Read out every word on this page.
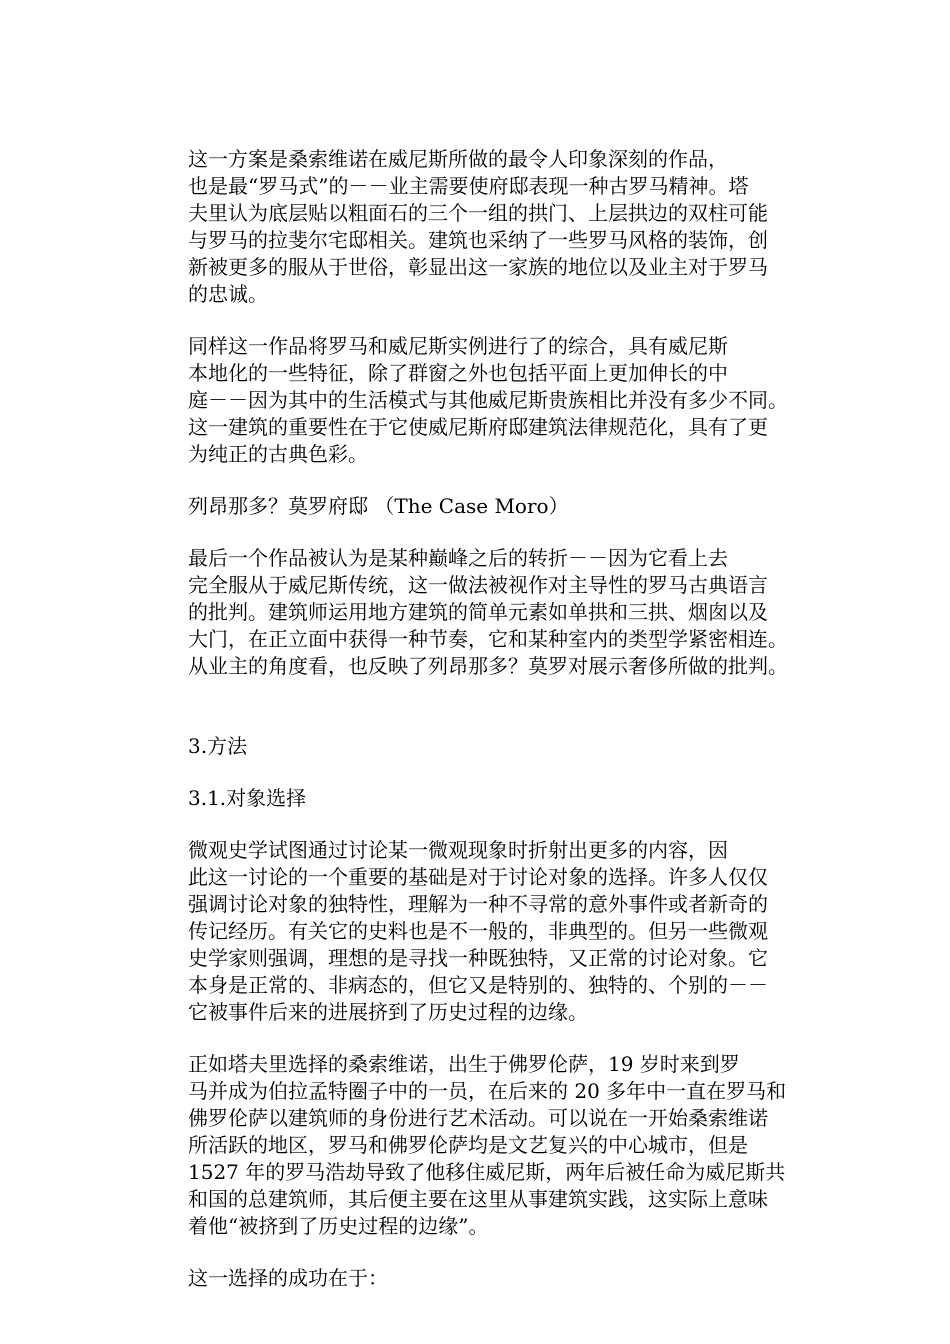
这一方案是桑索维诺在威尼斯所做的最令人印象深刻的作品，
也是最“罗马式”的－－业主需要使府邸表现一种古罗马精神。塔
夫里认为底层贴以粗面石的三个一组的拱门、上层拱边的双柱可能
与罗马的拉斐尔宅邸相关。建筑也采纳了一些罗马风格的装饰，创
新被更多的服从于世俗，彰显出这一家族的地位以及业主对于罗马
的忠诚。

同样这一作品将罗马和威尼斯实例进行了的综合，具有威尼斯
本地化的一些特征，除了群窗之外也包括平面上更加伸长的中
庭－－因为其中的生活模式与其他威尼斯贵族相比并没有多少不同。
这一建筑的重要性在于它使威尼斯府邸建筑法律规范化，具有了更
为纯正的古典色彩。

列昂那多？莫罗府邸 （The Case Moro）

最后一个作品被认为是某种巅峰之后的转折－－因为它看上去
完全服从于威尼斯传统，这一做法被视作对主导性的罗马古典语言
的批判。建筑师运用地方建筑的简单元素如单拱和三拱、烟囱以及
大门，在正立面中获得一种节奏，它和某种室内的类型学紧密相连。
从业主的角度看，也反映了列昂那多？莫罗对展示奢侈所做的批判。

3.方法

3.1.对象选择

微观史学试图通过讨论某一微观现象时折射出更多的内容，因
此这一讨论的一个重要的基础是对于讨论对象的选择。许多人仅仅
强调讨论对象的独特性，理解为一种不寻常的意外事件或者新奇的
传记经历。有关它的史料也是不一般的，非典型的。但另一些微观
史学家则强调，理想的是寻找一种既独特，又正常的讨论对象。它
本身是正常的、非病态的，但它又是特别的、独特的、个别的－－
它被事件后来的进展挤到了历史过程的边缘。

正如塔夫里选择的桑索维诺，出生于佛罗伦萨，19 岁时来到罗
马并成为伯拉孟特圈子中的一员，在后来的 20 多年中一直在罗马和
佛罗伦萨以建筑师的身份进行艺术活动。可以说在一开始桑索维诺
所活跃的地区，罗马和佛罗伦萨均是文艺复兴的中心城市，但是
1527 年的罗马浩劫导致了他移住威尼斯，两年后被任命为威尼斯共
和国的总建筑师，其后便主要在这里从事建筑实践，这实际上意味
着他“被挤到了历史过程的边缘”。

这一选择的成功在于：
